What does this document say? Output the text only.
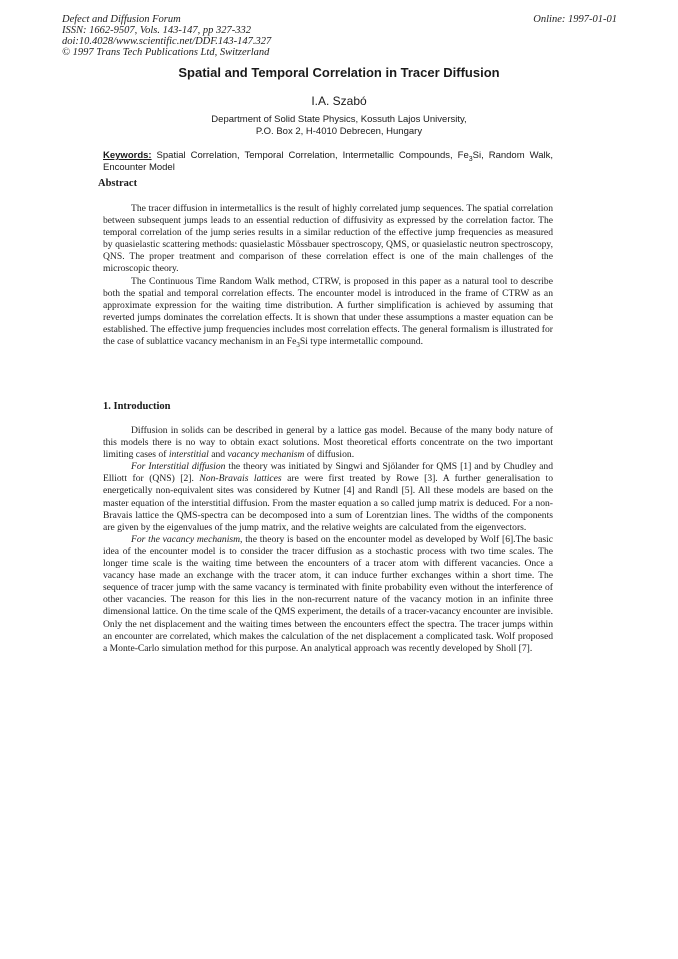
Defect and Diffusion Forum
ISSN: 1662-9507, Vols. 143-147, pp 327-332
doi:10.4028/www.scientific.net/DDF.143-147.327
© 1997 Trans Tech Publications Ltd, Switzerland
Online: 1997-01-01
Spatial and Temporal Correlation in Tracer Diffusion
I.A. Szabó
Department of Solid State Physics, Kossuth Lajos University,
P.O. Box 2, H-4010 Debrecen, Hungary
Keywords: Spatial Correlation, Temporal Correlation, Intermetallic Compounds, $Fe_3Si$, Random Walk, Encounter Model
Abstract

The tracer diffusion in intermetallics is the result of highly correlated jump sequences. The spatial correlation between subsequent jumps leads to an essential reduction of diffusivity as expressed by the correlation factor. The temporal correlation of the jump series results in a similar reduction of the effective jump frequencies as measured by quasielastic scattering methods: quasielastic Mössbauer spectroscopy, QMS, or quasielastic neutron spectroscopy, QNS. The proper treatment and comparison of these correlation effect is one of the main challenges of the microscopic theory.

The Continuous Time Random Walk method, CTRW, is proposed in this paper as a natural tool to describe both the spatial and temporal correlation effects. The encounter model is introduced in the frame of CTRW as an approximate expression for the waiting time distribution. A further simplification is achieved by assuming that reverted jumps dominates the correlation effects. It is shown that under these assumptions a master equation can be established. The effective jump frequencies includes most correlation effects. The general formalism is illustrated for the case of sublattice vacancy mechanism in an $Fe_3Si$ type intermetallic compound.

1. Introduction

Diffusion in solids can be described in general by a lattice gas model. Because of the many body nature of this models there is no way to obtain exact solutions. Most theoretical efforts concentrate on the two important limiting cases of interstitial and vacancy mechanism of diffusion.

For Interstitial diffusion the theory was initiated by Singwi and Sjölander for QMS [1] and by Chudley and Elliott for (QNS) [2]. Non-Bravais lattices are were first treated by Rowe [3]. A further generalisation to energetically non-equivalent sites was considered by Kutner [4] and Randl [5]. All these models are based on the master equation of the interstitial diffusion. From the master equation a so called jump matrix is deduced. For a non-Bravais lattice the QMS-spectra can be decomposed into a sum of Lorentzian lines. The widths of the components are given by the eigenvalues of the jump matrix, and the relative weights are calculated from the eigenvectors.

For the vacancy mechanism, the theory is based on the encounter model as developed by Wolf [6].The basic idea of the encounter model is to consider the tracer diffusion as a stochastic process with two time scales. The longer time scale is the waiting time between the encounters of a tracer atom with different vacancies. Once a vacancy hase made an exchange with the tracer atom, it can induce further exchanges within a short time. The sequence of tracer jump with the same vacancy is terminated with finite probability even without the interference of other vacancies. The reason for this lies in the non-recurrent nature of the vacancy motion in an infinite three dimensional lattice. On the time scale of the QMS experiment, the details of a tracer-vacancy encounter are invisible. Only the net displacement and the waiting times between the encounters effect the spectra. The tracer jumps within an encounter are correlated, which makes the calculation of the net displacement a complicated task. Wolf proposed a Monte-Carlo simulation method for this purpose. An analytical approach was recently developed by Sholl [7].
